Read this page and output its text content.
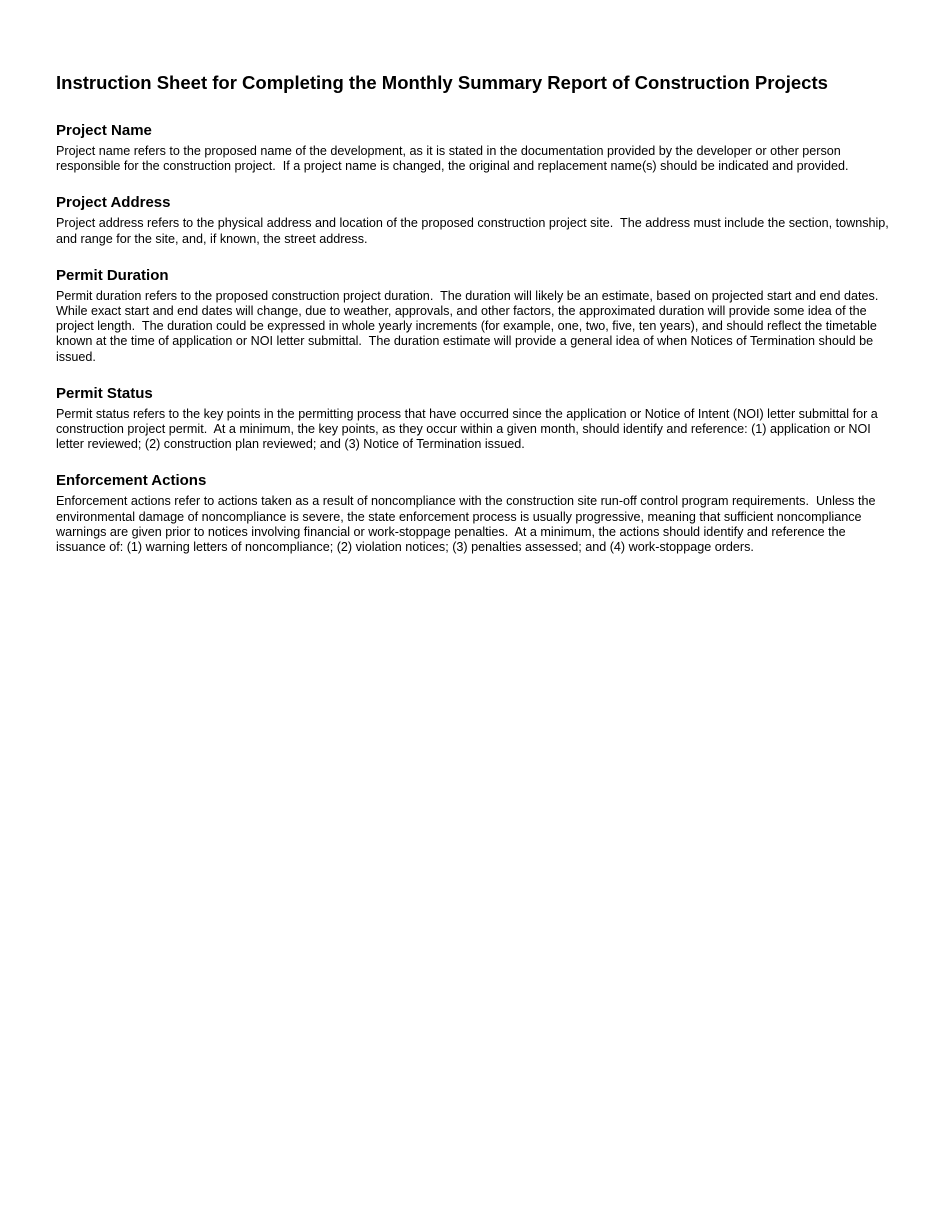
Instruction Sheet for Completing the Monthly Summary Report of Construction Projects
Project Name

Project name refers to the proposed name of the development, as it is stated in the documentation provided by the developer or other person responsible for the construction project.  If a project name is changed, the original and replacement name(s) should be indicated and provided.

Project Address

Project address refers to the physical address and location of the proposed construction project site.  The address must include the section, township, and range for the site, and, if known, the street address.

Permit Duration

Permit duration refers to the proposed construction project duration.  The duration will likely be an estimate, based on projected start and end dates.  While exact start and end dates will change, due to weather, approvals, and other factors, the approximated duration will provide some idea of the project length.  The duration could be expressed in whole yearly increments (for example, one, two, five, ten years), and should reflect the timetable known at the time of application or NOI letter submittal.  The duration estimate will provide a general idea of when Notices of Termination should be issued.

Permit Status

Permit status refers to the key points in the permitting process that have occurred since the application or Notice of Intent (NOI) letter submittal for a construction project permit.  At a minimum, the key points, as they occur within a given month, should identify and reference: (1) application or NOI letter reviewed; (2) construction plan reviewed; and (3) Notice of Termination issued.

Enforcement Actions

Enforcement actions refer to actions taken as a result of noncompliance with the construction site run-off control program requirements.  Unless the environmental damage of noncompliance is severe, the state enforcement process is usually progressive, meaning that sufficient noncompliance warnings are given prior to notices involving financial or work-stoppage penalties.  At a minimum, the actions should identify and reference the issuance of: (1) warning letters of noncompliance; (2) violation notices; (3) penalties assessed; and (4) work-stoppage orders.
